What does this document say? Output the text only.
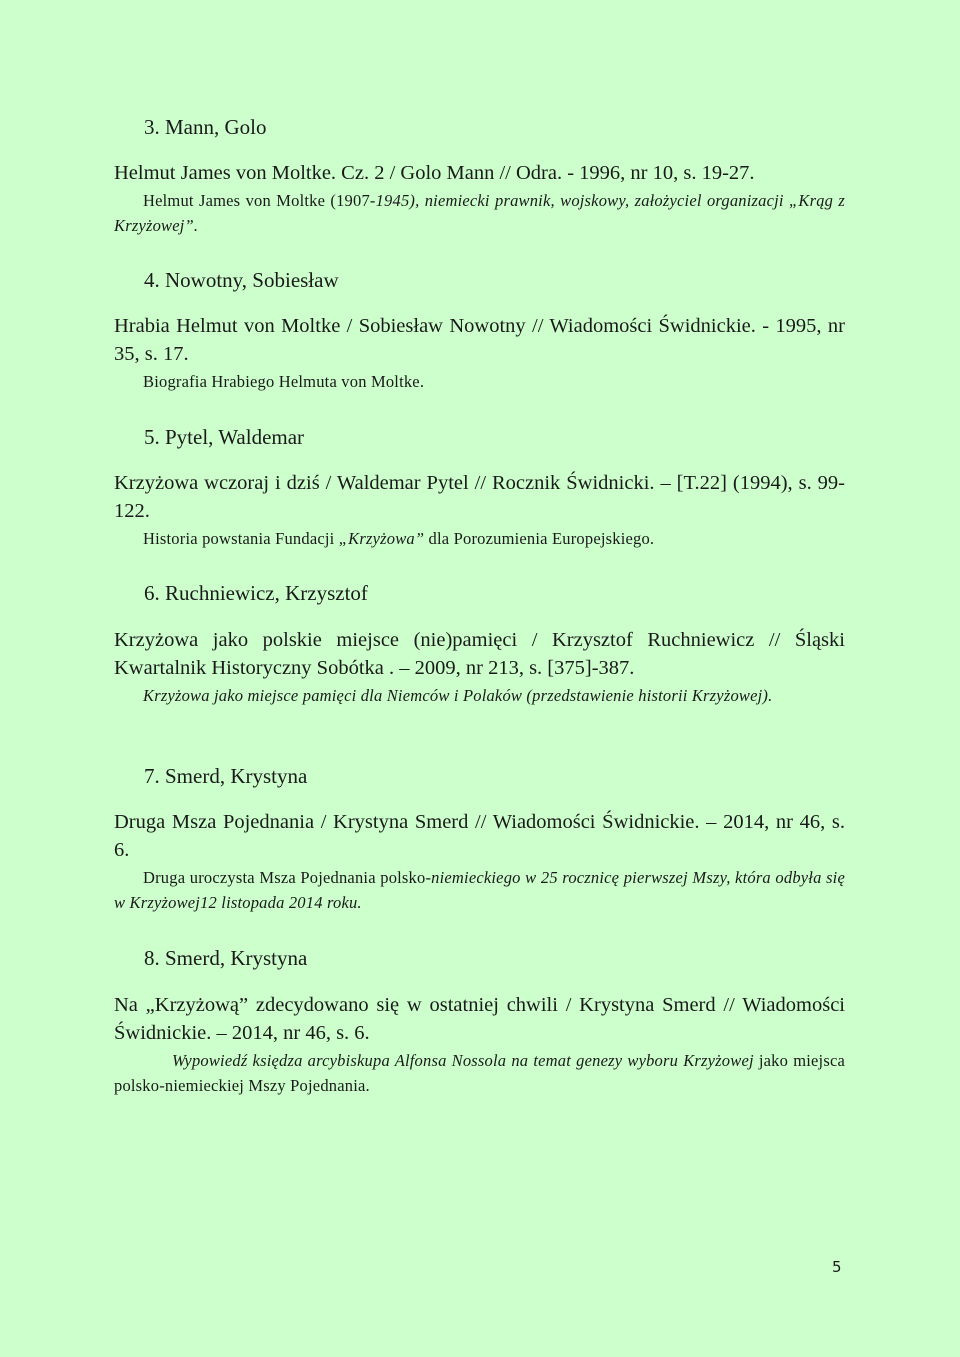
3. Mann, Golo
Helmut James von Moltke. Cz. 2 / Golo Mann // Odra. - 1996, nr 10, s. 19-27.
Helmut James von Moltke (1907-1945), niemiecki prawnik, wojskowy, założyciel organizacji „Krąg z Krzyżowej”.
4. Nowotny, Sobiesław
Hrabia Helmut von Moltke / Sobiesław Nowotny // Wiadomości Świdnickie. - 1995, nr 35, s. 17.
Biografia Hrabiego Helmuta von Moltke.
5. Pytel, Waldemar
Krzyżowa wczoraj i dziś / Waldemar Pytel // Rocznik Świdnicki. – [T.22] (1994), s. 99-122.
Historia powstania Fundacji „Krzyżowa” dla Porozumienia Europejskiego.
6. Ruchniewicz, Krzysztof
Krzyżowa jako polskie miejsce (nie)pamięci / Krzysztof Ruchniewicz // Śląski Kwartalnik Historyczny Sobótka . – 2009, nr 213, s. [375]-387.
Krzyżowa jako miejsce pamięci dla Niemców i Polaków (przedstawienie historii Krzyżowej).
7. Smerd, Krystyna
Druga Msza Pojednania / Krystyna Smerd // Wiadomości Świdnickie. – 2014, nr 46, s. 6.
Druga uroczysta Msza Pojednania polsko-niemieckiego w 25 rocznicę pierwszej Mszy, która odbyła się w Krzyżowej12 listopada 2014 roku.
8. Smerd, Krystyna
Na „Krzyżową” zdecydowano się w ostatniej chwili / Krystyna Smerd // Wiadomości Świdnickie. – 2014, nr 46, s. 6.
Wypowiedź księdza arcybiskupa Alfonsa Nossola na temat genezy wyboru Krzyżowej jako miejsca polsko-niemieckiej Mszy Pojednania.
5
